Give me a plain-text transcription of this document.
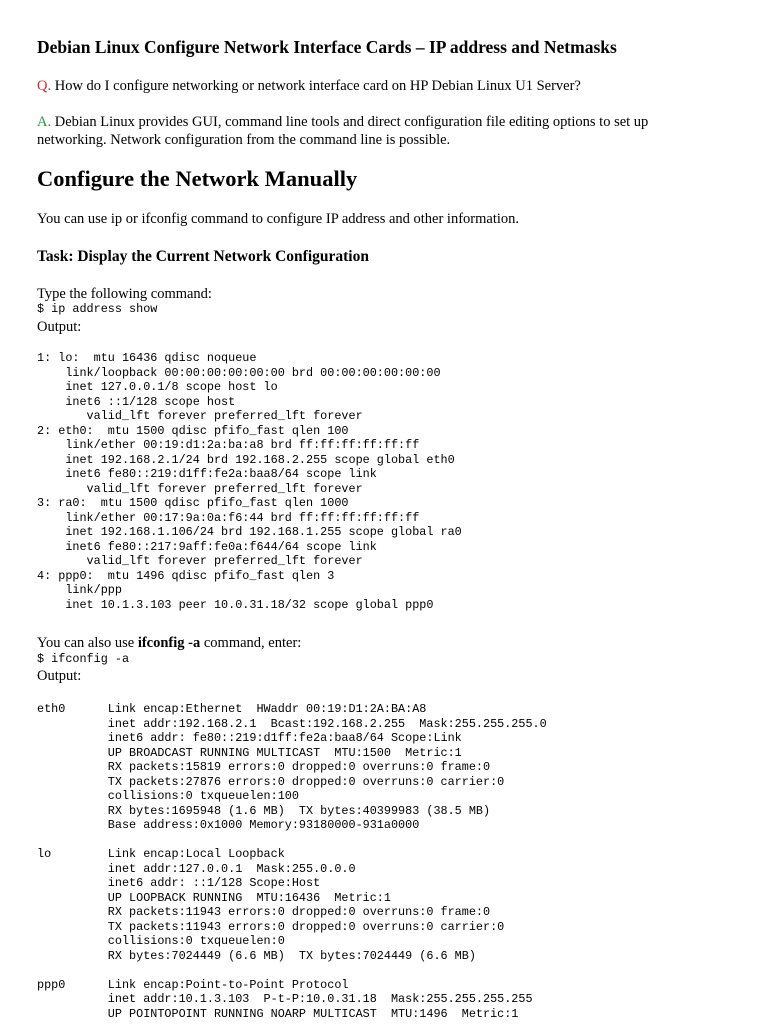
Debian Linux Configure Network Interface Cards – IP address and Netmasks

Q. How do I configure networking or network interface card on HP Debian Linux U1 Server?

A. Debian Linux provides GUI, command line tools and direct configuration file editing options to set up networking. Network configuration from the command line is possible.

Configure the Network Manually

You can use ip or ifconfig command to configure IP address and other information.

Task: Display the Current Network Configuration

Type the following command:

$ ip address show

Output:

1: lo:  mtu 16436 qdisc noqueue
link/loopback 00:00:00:00:00:00 brd 00:00:00:00:00:00
inet 127.0.0.1/8 scope host lo
inet6 ::1/128 scope host
valid_lft forever preferred_lft forever
2: eth0:  mtu 1500 qdisc pfifo_fast qlen 100
link/ether 00:19:d1:2a:ba:a8 brd ff:ff:ff:ff:ff:ff
inet 192.168.2.1/24 brd 192.168.2.255 scope global eth0
inet6 fe80::219:d1ff:fe2a:baa8/64 scope link
valid_lft forever preferred_lft forever
3: ra0:  mtu 1500 qdisc pfifo_fast qlen 1000
link/ether 00:17:9a:0a:f6:44 brd ff:ff:ff:ff:ff:ff
inet 192.168.1.106/24 brd 192.168.1.255 scope global ra0
inet6 fe80::217:9aff:fe0a:f644/64 scope link
valid_lft forever preferred_lft forever
4: ppp0:  mtu 1496 qdisc pfifo_fast qlen 3
link/ppp
inet 10.1.3.103 peer 10.0.31.18/32 scope global ppp0

You can also use ifconfig -a command, enter:

$ ifconfig -a

Output:

eth0      Link encap:Ethernet  HWaddr 00:19:D1:2A:BA:A8
inet addr:192.168.2.1  Bcast:192.168.2.255  Mask:255.255.255.0
inet6 addr: fe80::219:d1ff:fe2a:baa8/64 Scope:Link
UP BROADCAST RUNNING MULTICAST  MTU:1500  Metric:1
RX packets:15819 errors:0 dropped:0 overruns:0 frame:0
TX packets:27876 errors:0 dropped:0 overruns:0 carrier:0
collisions:0 txqueuelen:100
RX bytes:1695948 (1.6 MB)  TX bytes:40399983 (38.5 MB)
Base address:0x1000 Memory:93180000-931a0000
lo        Link encap:Local Loopback
inet addr:127.0.0.1  Mask:255.0.0.0
inet6 addr: ::1/128 Scope:Host
UP LOOPBACK RUNNING  MTU:16436  Metric:1
RX packets:11943 errors:0 dropped:0 overruns:0 frame:0
TX packets:11943 errors:0 dropped:0 overruns:0 carrier:0
collisions:0 txqueuelen:0
RX bytes:7024449 (6.6 MB)  TX bytes:7024449 (6.6 MB)
ppp0      Link encap:Point-to-Point Protocol
inet addr:10.1.3.103  P-t-P:10.0.31.18  Mask:255.255.255.255
UP POINTOPOINT RUNNING NOARP MULTICAST  MTU:1496  Metric:1
